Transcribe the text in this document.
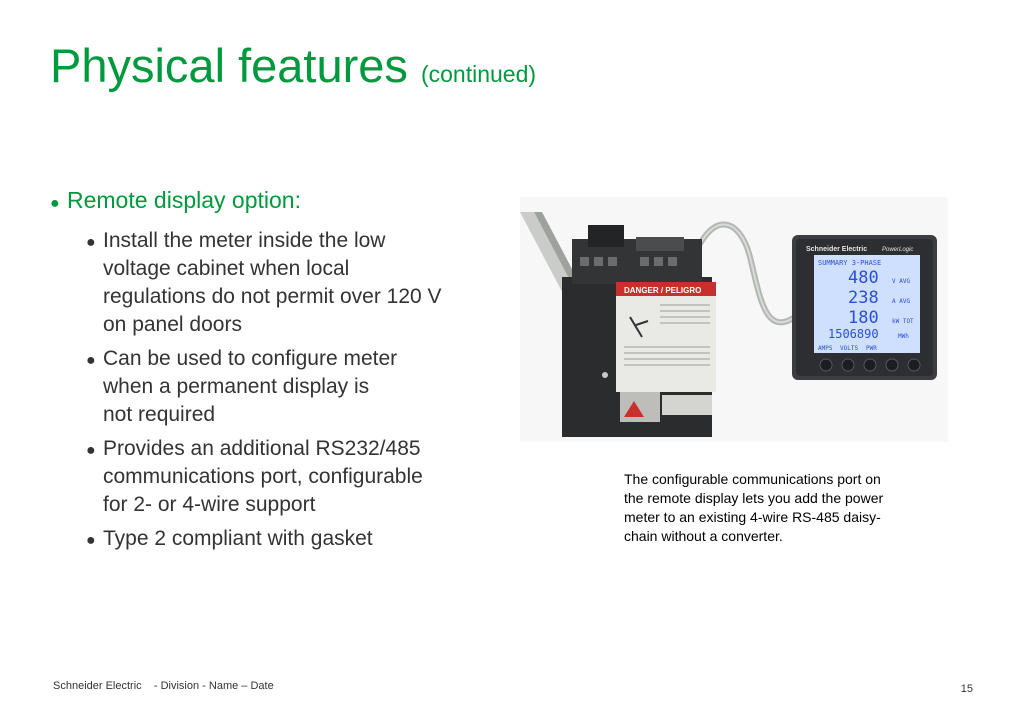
Physical features (continued)
● Remote display option:
● Install the meter inside the low
voltage cabinet when local
regulations do not permit over 120 V
on panel doors
● Can be used to configure meter
when a permanent display is
not required
● Provides an additional RS232/485
communications port, configurable
for 2- or 4-wire support
● Type 2 compliant with gasket
DANGER / PELIGRO
Schneider Electric PowerLogic
SUMMARY 3-PHASE
480 V AVG
238 A AVG
180 kW TOT
1506890	MWh
AMPS VOLTS PWR
The configurable communications port on
the remote display lets you add the power
meter to an existing 4-wire RS-485 daisy-
chain without a converter.
Schneider Electric    - Division - Name – Date	15
